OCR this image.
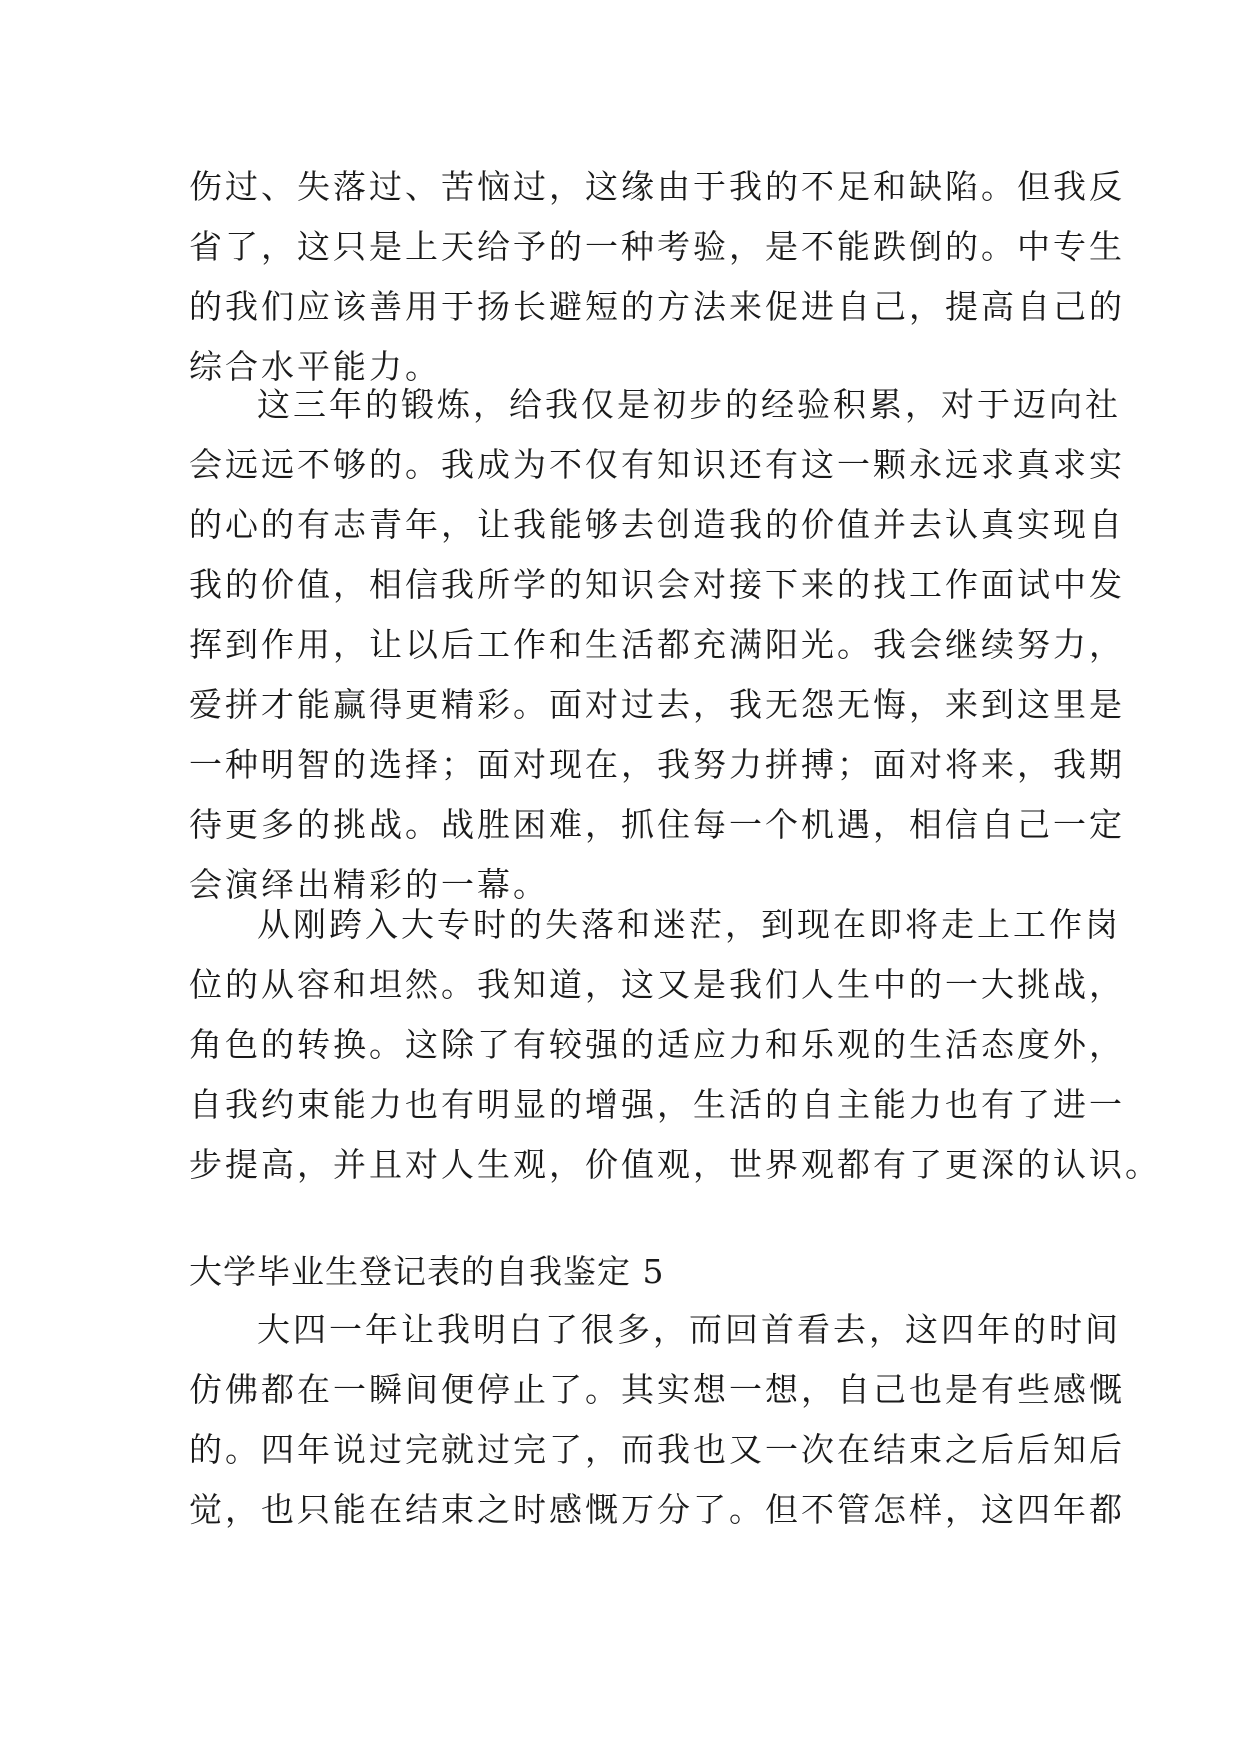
伤过、失落过、苦恼过，这缘由于我的不足和缺陷。但我反
省了，这只是上天给予的一种考验，是不能跌倒的。中专生
的我们应该善用于扬长避短的方法来促进自己，提高自己的
综合水平能力。
这三年的锻炼，给我仅是初步的经验积累，对于迈向社
会远远不够的。我成为不仅有知识还有这一颗永远求真求实
的心的有志青年，让我能够去创造我的价值并去认真实现自
我的价值，相信我所学的知识会对接下来的找工作面试中发
挥到作用，让以后工作和生活都充满阳光。我会继续努力，
爱拼才能赢得更精彩。面对过去，我无怨无悔，来到这里是
一种明智的选择；面对现在，我努力拼搏；面对将来，我期
待更多的挑战。战胜困难，抓住每一个机遇，相信自己一定
会演绎出精彩的一幕。
从刚跨入大专时的失落和迷茫，到现在即将走上工作岗
位的从容和坦然。我知道，这又是我们人生中的一大挑战，
角色的转换。这除了有较强的适应力和乐观的生活态度外，
自我约束能力也有明显的增强，生活的自主能力也有了进一
步提高，并且对人生观，价值观，世界观都有了更深的认识。
大学毕业生登记表的自我鉴定 5
大四一年让我明白了很多，而回首看去，这四年的时间
仿佛都在一瞬间便停止了。其实想一想，自己也是有些感慨
的。四年说过完就过完了，而我也又一次在结束之后后知后
觉，也只能在结束之时感慨万分了。但不管怎样，这四年都
